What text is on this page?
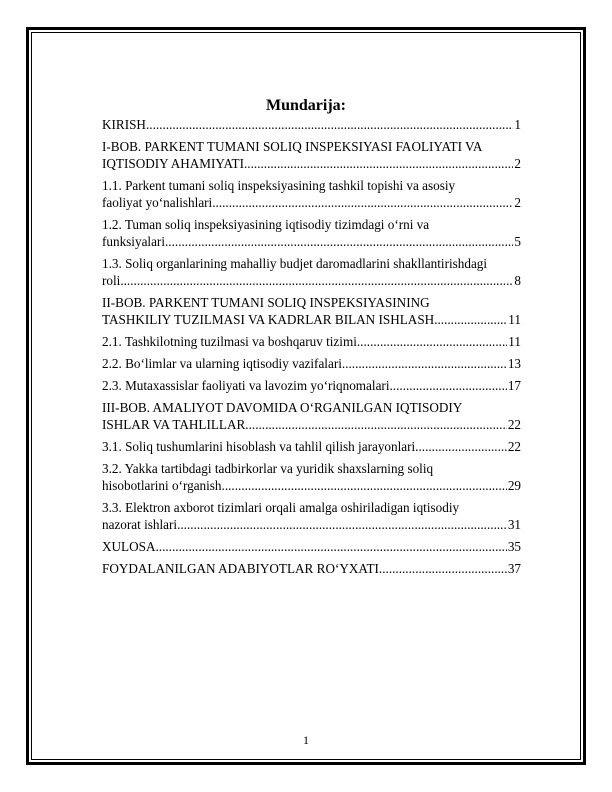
Mundarija:
KIRISH .....	1
I-BOB. PARKENT TUMANI SOLIQ INSPEKSIYASI FAOLIYATI VA
IQTISODIY AHAMIYATI .....	2
1.1. Parkent tumani soliq inspeksiyasining tashkil topishi va asosiy
faoliyat yo‘nalishlari .....	2
1.2. Tuman soliq inspeksiyasining iqtisodiy tizimdagi o‘rni va
funksiyalari .....	5
1.3. Soliq organlarining mahalliy budjet daromadlarini shakllantirishdagi
roli .....	8
II-BOB. PARKENT TUMANI SOLIQ INSPEKSIYASINING
TASHKILIY TUZILMASI VA KADRLAR BILAN ISHLASH .....	11
2.1. Tashkilotning tuzilmasi va boshqaruv tizimi .....	11
2.2. Bo‘limlar va ularning iqtisodiy vazifalari. .....	13
2.3. Mutaxassislar faoliyati va lavozim yo‘riqnomalari .....	17
III-BOB. AMALIYOT DAVOMIDA O‘RGANILGAN IQTISODIY
ISHLAR VA TAHLILLAR .....	22
3.1. Soliq tushumlarini hisoblash va tahlil qilish jarayonlari .....	22
3.2. Yakka tartibdagi tadbirkorlar va yuridik shaxslarning soliq
hisobotlarini o‘rganish .....	29
3.3. Elektron axborot tizimlari orqali amalga oshiriladigan iqtisodiy
nazorat ishlari .....	31
XULOSA .....	35
FOYDALANILGAN ADABIYOTLAR RO‘YXATI .....	37
1
